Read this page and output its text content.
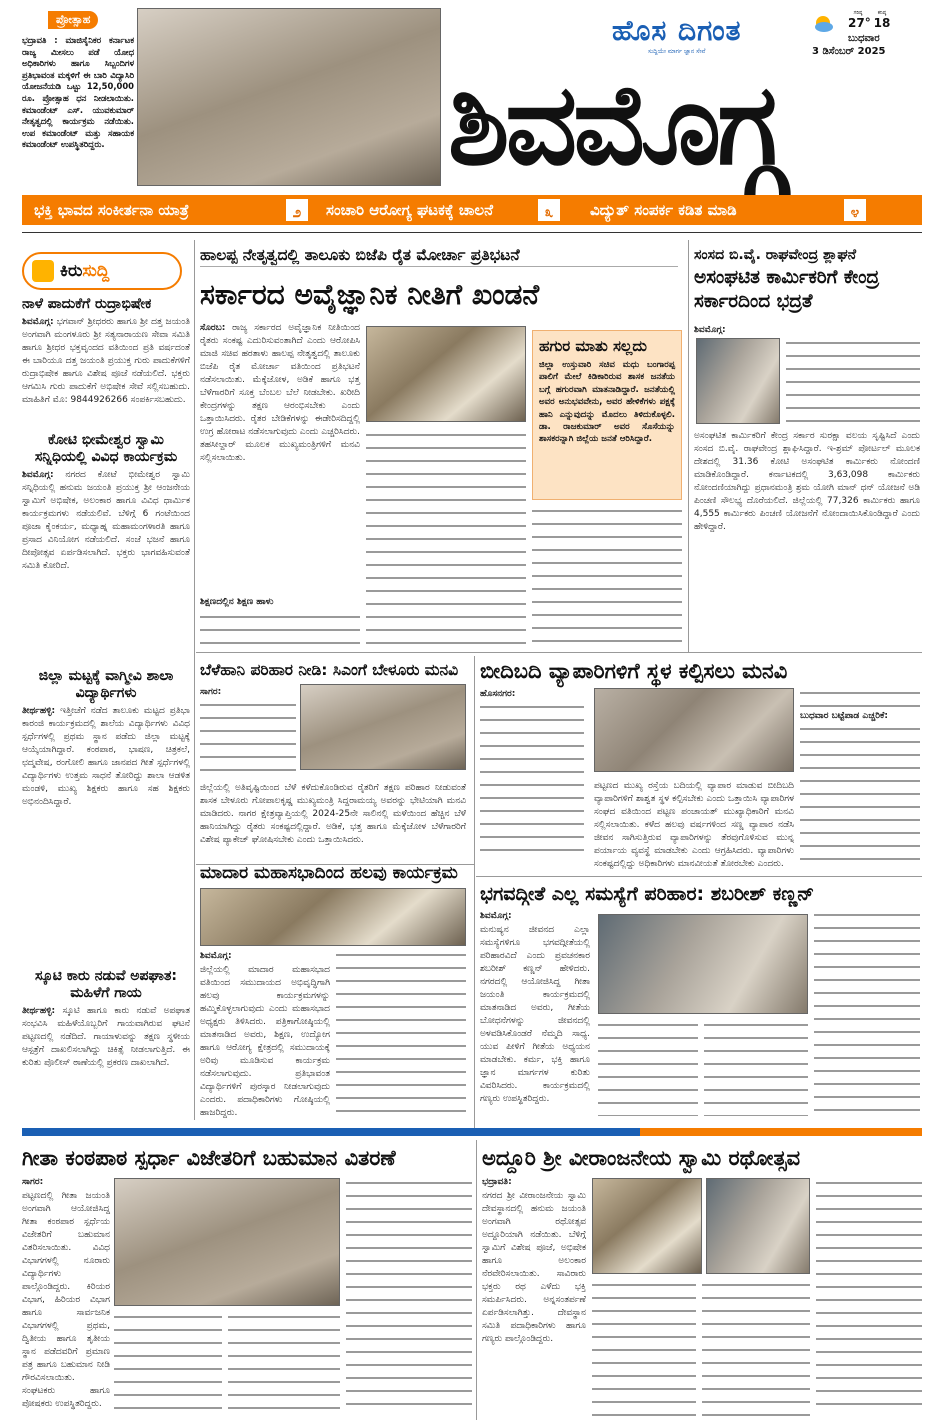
ಪ್ರೋತ್ಸಾಹ
ಭದ್ರಾವತಿ : ಮಾಜಿಸೈನಿಕರ ಕರ್ನಾಟಕ ರಾಜ್ಯ ಮೀಸಲು ಪಡೆ ಯೋಧ ಅಧಿಕಾರಿಗಳು ಹಾಗೂ ಸಿಬ್ಬಂದಿಗಳ ಪ್ರತಿಭಾವಂತ ಮಕ್ಕಳಿಗೆ ಈ ಬಾರಿ ವಿದ್ಯಾಸಿರಿ ಯೋಜನೆಯಡಿ ಒಟ್ಟು 12,50,000 ರೂ. ಪ್ರೋತ್ಸಾಹ ಧನ ನೀಡಲಾಯಿತು. ಕಮಾಂಡೆಂಟ್ ಎಸ್. ಯುವಕುಮಾರ್ ನೇತೃತ್ವದಲ್ಲಿ ಕಾರ್ಯಕ್ರಮ ನಡೆಯಿತು. ಉಪ ಕಮಾಂಡೆಂಟ್ ಮತ್ತು ಸಹಾಯಕ ಕಮಾಂಡೆಂಟ್ ಉಪಸ್ಥಿತರಿದ್ದರು.
ಹೊಸ ದಿಗಂತ
ಸುದ್ದಿಯೇ ಮಾರ್ಗ ಜ್ಞಾನ ಸೇವೆ
ಗರಿಷ್ಠ
27°
ಕನಿಷ್ಠ
18
ಬುಧವಾರ
3 ಡಿಸೆಂಬರ್ 2025
ಶಿವಮೊಗ್ಗ
ಭಕ್ತಿ ಭಾವದ ಸಂಕೀರ್ತನಾ ಯಾತ್ರೆ	೨	ಸಂಚಾರಿ ಆರೋಗ್ಯ ಘಟಕಕ್ಕೆ ಚಾಲನೆ	೩	ವಿದ್ಯುತ್ ಸಂಪರ್ಕ ಕಡಿತ ಮಾಡಿ	೪
ಕಿರು ಸುದ್ದಿ
ನಾಳೆ ಪಾದುಕೆಗೆ ರುದ್ರಾಭಿಷೇಕ
ಶಿವಮೊಗ್ಗ: ಭಗವಾನ್ ಶ್ರೀಧರರು ಹಾಗೂ ಶ್ರೀ ದತ್ತ ಜಯಂತಿ ಅಂಗವಾಗಿ ಮಂಗಳೂರು ಶ್ರೀ ಸತ್ಯನಾರಾಯಣ ಸೇವಾ ಸಮಿತಿ ಹಾಗೂ ಶ್ರೀಧರ ಭಕ್ತವೃಂದದ ವತಿಯಿಂದ ಪ್ರತಿ ವರ್ಷದಂತೆ ಈ ಬಾರಿಯೂ ದತ್ತ ಜಯಂತಿ ಪ್ರಯುಕ್ತ ಗುರು ಪಾದುಕೆಗಳಿಗೆ ರುದ್ರಾಭಿಷೇಕ ಹಾಗೂ ವಿಶೇಷ ಪೂಜೆ ನಡೆಯಲಿದೆ. ಭಕ್ತರು ಆಗಮಿಸಿ ಗುರು ಪಾದುಕೆಗೆ ಅಭಿಷೇಕ ಸೇವೆ ಸಲ್ಲಿಸಬಹುದು. ಮಾಹಿತಿಗೆ ಮೊ: 9844926266 ಸಂಪರ್ಕಿಸಬಹುದು.
ಕೋಟಿ ಭೀಮೇಶ್ವರ ಸ್ವಾಮಿ ಸನ್ನಿಧಿಯಲ್ಲಿ ವಿವಿಧ ಕಾರ್ಯಕ್ರಮ
ಶಿವಮೊಗ್ಗ: ನಗರದ ಕೋಟೆ ಭೀಮೇಶ್ವರ ಸ್ವಾಮಿ ಸನ್ನಿಧಿಯಲ್ಲಿ ಹನುಮ ಜಯಂತಿ ಪ್ರಯುಕ್ತ ಶ್ರೀ ಆಂಜನೇಯ ಸ್ವಾಮಿಗೆ ಅಭಿಷೇಕ, ಅಲಂಕಾರ ಹಾಗೂ ವಿವಿಧ ಧಾರ್ಮಿಕ ಕಾರ್ಯಕ್ರಮಗಳು ನಡೆಯಲಿವೆ. ಬೆಳಿಗ್ಗೆ 6 ಗಂಟೆಯಿಂದ ಪೂಜಾ ಕೈಂಕರ್ಯ, ಮಧ್ಯಾಹ್ನ ಮಹಾಮಂಗಳಾರತಿ ಹಾಗೂ ಪ್ರಸಾದ ವಿನಿಯೋಗ ನಡೆಯಲಿದೆ. ಸಂಜೆ ಭಜನೆ ಹಾಗೂ ದೀಪೋತ್ಸವ ಏರ್ಪಡಿಸಲಾಗಿದೆ. ಭಕ್ತರು ಭಾಗವಹಿಸುವಂತೆ ಸಮಿತಿ ಕೋರಿದೆ.
ಜಿಲ್ಲಾ ಮಟ್ಟಕ್ಕೆ ವಾಗ್ಮೀವಿ ಶಾಲಾ ವಿದ್ಯಾರ್ಥಿಗಳು
ತೀರ್ಥಹಳ್ಳಿ: ಇತ್ತೀಚೆಗೆ ನಡೆದ ತಾಲೂಕು ಮಟ್ಟದ ಪ್ರತಿಭಾ ಕಾರಂಜಿ ಕಾರ್ಯಕ್ರಮದಲ್ಲಿ ಶಾಲೆಯ ವಿದ್ಯಾರ್ಥಿಗಳು ವಿವಿಧ ಸ್ಪರ್ಧೆಗಳಲ್ಲಿ ಪ್ರಥಮ ಸ್ಥಾನ ಪಡೆದು ಜಿಲ್ಲಾ ಮಟ್ಟಕ್ಕೆ ಆಯ್ಕೆಯಾಗಿದ್ದಾರೆ. ಕಂಠಪಾಠ, ಭಾಷಣ, ಚಿತ್ರಕಲೆ, ಛದ್ಮವೇಷ, ರಂಗೋಲಿ ಹಾಗೂ ಜಾನಪದ ಗೀತೆ ಸ್ಪರ್ಧೆಗಳಲ್ಲಿ ವಿದ್ಯಾರ್ಥಿಗಳು ಉತ್ತಮ ಸಾಧನೆ ತೋರಿದ್ದು ಶಾಲಾ ಆಡಳಿತ ಮಂಡಳಿ, ಮುಖ್ಯ ಶಿಕ್ಷಕರು ಹಾಗೂ ಸಹ ಶಿಕ್ಷಕರು ಅಭಿನಂದಿಸಿದ್ದಾರೆ.
ಸ್ಕೂಟಿ ಕಾರು ನಡುವೆ ಅಪಘಾತ: ಮಹಿಳೆಗೆ ಗಾಯ
ತೀರ್ಥಹಳ್ಳಿ: ಸ್ಕೂಟಿ ಹಾಗೂ ಕಾರು ನಡುವೆ ಅಪಘಾತ ಸಂಭವಿಸಿ ಮಹಿಳೆಯೊಬ್ಬರಿಗೆ ಗಾಯವಾಗಿರುವ ಘಟನೆ ಪಟ್ಟಣದಲ್ಲಿ ನಡೆದಿದೆ. ಗಾಯಾಳುವನ್ನು ತಕ್ಷಣ ಸ್ಥಳೀಯ ಆಸ್ಪತ್ರೆಗೆ ದಾಖಲಿಸಲಾಗಿದ್ದು ಚಿಕಿತ್ಸೆ ನೀಡಲಾಗುತ್ತಿದೆ. ಈ ಕುರಿತು ಪೊಲೀಸ್ ಠಾಣೆಯಲ್ಲಿ ಪ್ರಕರಣ ದಾಖಲಾಗಿದೆ.
ಹಾಲಪ್ಪ ನೇತೃತ್ವದಲ್ಲಿ ತಾಲೂಕು ಬಿಜೆಪಿ ರೈತ ಮೋರ್ಚಾ ಪ್ರತಿಭಟನೆ
ಸರ್ಕಾರದ ಅವೈಜ್ಞಾನಿಕ ನೀತಿಗೆ ಖಂಡನೆ
ಸೊರಬ: ರಾಜ್ಯ ಸರ್ಕಾರದ ಅವೈಜ್ಞಾನಿಕ ನೀತಿಯಿಂದ ರೈತರು ಸಂಕಷ್ಟ ಎದುರಿಸುವಂತಾಗಿದೆ ಎಂದು ಆರೋಪಿಸಿ ಮಾಜಿ ಸಚಿವ ಹರತಾಳು ಹಾಲಪ್ಪ ನೇತೃತ್ವದಲ್ಲಿ ತಾಲೂಕು ಬಿಜೆಪಿ ರೈತ ಮೋರ್ಚಾ ವತಿಯಿಂದ ಪ್ರತಿಭಟನೆ ನಡೆಸಲಾಯಿತು. ಮೆಕ್ಕೆಜೋಳ, ಅಡಿಕೆ ಹಾಗೂ ಭತ್ತ ಬೆಳೆಗಾರರಿಗೆ ಸೂಕ್ತ ಬೆಂಬಲ ಬೆಲೆ ನೀಡಬೇಕು. ಖರೀದಿ ಕೇಂದ್ರಗಳನ್ನು ತಕ್ಷಣ ಆರಂಭಿಸಬೇಕು ಎಂದು ಒತ್ತಾಯಿಸಿದರು. ರೈತರ ಬೇಡಿಕೆಗಳನ್ನು ಈಡೇರಿಸದಿದ್ದಲ್ಲಿ ಉಗ್ರ ಹೋರಾಟ ನಡೆಸಲಾಗುವುದು ಎಂದು ಎಚ್ಚರಿಸಿದರು. ತಹಸೀಲ್ದಾರ್ ಮೂಲಕ ಮುಖ್ಯಮಂತ್ರಿಗಳಿಗೆ ಮನವಿ ಸಲ್ಲಿಸಲಾಯಿತು.
ಶಿಕ್ಷಣದಲ್ಲಿನ ಶಿಕ್ಷಣ ಹಾಳು
ಹಗುರ ಮಾತು ಸಲ್ಲದು
ಜಿಲ್ಲಾ ಉಸ್ತುವಾರಿ ಸಚಿವ ಮಧು ಬಂಗಾರಪ್ಪ ಪಾಲಿಗೆ ಮೇಲೆ ಕಿಡಿಕಾರಿರುವ ಶಾಸಕ ಜನತೆಯ ಬಗ್ಗೆ ಹಗುರವಾಗಿ ಮಾತನಾಡಿದ್ದಾರೆ. ಜನತೆಯಲ್ಲಿ ಅವರ ಅನುಭವವೇನು, ಅವರ ಹೇಳಿಕೆಗಳು ಪಕ್ಷಕ್ಕೆ ಹಾನಿ ಎನ್ನುವುದನ್ನು ಮೊದಲು ತಿಳಿದುಕೊಳ್ಳಲಿ. ಡಾ. ರಾಜಕುಮಾರ್ ಅವರ ಸೊಸೆಯನ್ನು ಶಾಸಕರನ್ನಾಗಿ ಜಿಲ್ಲೆಯ ಜನತೆ ಆರಿಸಿದ್ದಾರೆ.
ಸಂಸದ ಬಿ.ವೈ. ರಾಘವೇಂದ್ರ ಶ್ಲಾಘನೆ
ಅಸಂಘಟಿತ ಕಾರ್ಮಿಕರಿಗೆ ಕೇಂದ್ರ ಸರ್ಕಾರದಿಂದ ಭದ್ರತೆ
ಶಿವಮೊಗ್ಗ:
ಅಸಂಘಟಿತ ಕಾರ್ಮಿಕರಿಗೆ ಕೇಂದ್ರ ಸರ್ಕಾರ ಸುರಕ್ಷಾ ವಲಯ ಸೃಷ್ಟಿಸಿದೆ ಎಂದು ಸಂಸದ ಬಿ.ವೈ. ರಾಘವೇಂದ್ರ ಶ್ಲಾಘಿಸಿದ್ದಾರೆ. ಇ-ಶ್ರಮ್ ಪೋರ್ಟಲ್ ಮೂಲಕ ದೇಶದಲ್ಲಿ 31.36 ಕೋಟಿ ಅಸಂಘಟಿತ ಕಾರ್ಮಿಕರು ನೋಂದಣಿ ಮಾಡಿಕೊಂಡಿದ್ದಾರೆ. ಕರ್ನಾಟಕದಲ್ಲಿ 3,63,098 ಕಾರ್ಮಿಕರು ನೋಂದಣಿಯಾಗಿದ್ದು ಪ್ರಧಾನಮಂತ್ರಿ ಶ್ರಮ ಯೋಗಿ ಮಾನ್ ಧನ್ ಯೋಜನೆ ಅಡಿ ಪಿಂಚಣಿ ಸೌಲಭ್ಯ ದೊರೆಯಲಿದೆ. ಜಿಲ್ಲೆಯಲ್ಲಿ 77,326 ಕಾರ್ಮಿಕರು ಹಾಗೂ 4,555 ಕಾರ್ಮಿಕರು ಪಿಂಚಣಿ ಯೋಜನೆಗೆ ನೋಂದಾಯಿಸಿಕೊಂಡಿದ್ದಾರೆ ಎಂದು ಹೇಳಿದ್ದಾರೆ.
ಬೆಳೆಹಾನಿ ಪರಿಹಾರ ನೀಡಿ: ಸಿಎಂಗೆ ಬೇಳೂರು ಮನವಿ
ಸಾಗರ:
ಜಿಲ್ಲೆಯಲ್ಲಿ ಅತಿವೃಷ್ಟಿಯಿಂದ ಬೆಳೆ ಕಳೆದುಕೊಂಡಿರುವ ರೈತರಿಗೆ ತಕ್ಷಣ ಪರಿಹಾರ ನೀಡುವಂತೆ ಶಾಸಕ ಬೇಳೂರು ಗೋಪಾಲಕೃಷ್ಣ ಮುಖ್ಯಮಂತ್ರಿ ಸಿದ್ದರಾಮಯ್ಯ ಅವರನ್ನು ಭೇಟಿಯಾಗಿ ಮನವಿ ಮಾಡಿದರು. ನಾಗರ ಕ್ಷೇತ್ರವ್ಯಾಪ್ತಿಯಲ್ಲಿ 2024-25ನೇ ಸಾಲಿನಲ್ಲಿ ಮಳೆಯಿಂದ ಹೆಚ್ಚಿನ ಬೆಳೆ ಹಾನಿಯಾಗಿದ್ದು ರೈತರು ಸಂಕಷ್ಟದಲ್ಲಿದ್ದಾರೆ. ಅಡಿಕೆ, ಭತ್ತ ಹಾಗೂ ಮೆಕ್ಕೆಜೋಳ ಬೆಳೆಗಾರರಿಗೆ ವಿಶೇಷ ಪ್ಯಾಕೇಜ್ ಘೋಷಿಸಬೇಕು ಎಂದು ಒತ್ತಾಯಿಸಿದರು.
ಬೀದಿಬದಿ ವ್ಯಾಪಾರಿಗಳಿಗೆ ಸ್ಥಳ ಕಲ್ಪಿಸಲು ಮನವಿ
ಹೊಸನಗರ:
ಪಟ್ಟಣದ ಮುಖ್ಯ ರಸ್ತೆಯ ಬದಿಯಲ್ಲಿ ವ್ಯಾಪಾರ ಮಾಡುವ ಬೀದಿಬದಿ ವ್ಯಾಪಾರಿಗಳಿಗೆ ಶಾಶ್ವತ ಸ್ಥಳ ಕಲ್ಪಿಸಬೇಕು ಎಂದು ಒತ್ತಾಯಿಸಿ ವ್ಯಾಪಾರಿಗಳ ಸಂಘದ ವತಿಯಿಂದ ಪಟ್ಟಣ ಪಂಚಾಯತ್ ಮುಖ್ಯಾಧಿಕಾರಿಗೆ ಮನವಿ ಸಲ್ಲಿಸಲಾಯಿತು. ಕಳೆದ ಹಲವು ವರ್ಷಗಳಿಂದ ಸಣ್ಣ ವ್ಯಾಪಾರ ನಡೆಸಿ ಜೀವನ ಸಾಗಿಸುತ್ತಿರುವ ವ್ಯಾಪಾರಿಗಳನ್ನು ತೆರವುಗೊಳಿಸುವ ಮುನ್ನ ಪರ್ಯಾಯ ವ್ಯವಸ್ಥೆ ಮಾಡಬೇಕು ಎಂದು ಆಗ್ರಹಿಸಿದರು. ವ್ಯಾಪಾರಿಗಳು ಸಂಕಷ್ಟದಲ್ಲಿದ್ದು ಅಧಿಕಾರಿಗಳು ಮಾನವೀಯತೆ ತೋರಬೇಕು ಎಂದರು.
ಬುಧವಾರ ಬಟ್ಟೆಪಾಡ ಎಚ್ಚರಿಕೆ:
ಮಾದಾರ ಮಹಾಸಭಾದಿಂದ ಹಲವು ಕಾರ್ಯಕ್ರಮ
ಶಿವಮೊಗ್ಗ:
ಜಿಲ್ಲೆಯಲ್ಲಿ ಮಾದಾರ ಮಹಾಸಭಾದ ವತಿಯಿಂದ ಸಮುದಾಯದ ಅಭಿವೃದ್ಧಿಗಾಗಿ ಹಲವು ಕಾರ್ಯಕ್ರಮಗಳನ್ನು ಹಮ್ಮಿಕೊಳ್ಳಲಾಗುವುದು ಎಂದು ಮಹಾಸಭಾದ ಅಧ್ಯಕ್ಷರು ತಿಳಿಸಿದರು. ಪತ್ರಿಕಾಗೋಷ್ಠಿಯಲ್ಲಿ ಮಾತನಾಡಿದ ಅವರು, ಶಿಕ್ಷಣ, ಉದ್ಯೋಗ ಹಾಗೂ ಆರೋಗ್ಯ ಕ್ಷೇತ್ರದಲ್ಲಿ ಸಮುದಾಯಕ್ಕೆ ಅರಿವು ಮೂಡಿಸುವ ಕಾರ್ಯಕ್ರಮ ನಡೆಸಲಾಗುವುದು. ಪ್ರತಿಭಾವಂತ ವಿದ್ಯಾರ್ಥಿಗಳಿಗೆ ಪುರಸ್ಕಾರ ನೀಡಲಾಗುವುದು ಎಂದರು. ಪದಾಧಿಕಾರಿಗಳು ಗೋಷ್ಠಿಯಲ್ಲಿ ಹಾಜರಿದ್ದರು.
ಭಗವದ್ಗೀತೆ ಎಲ್ಲ ಸಮಸ್ಯೆಗೆ ಪರಿಹಾರ: ಶಬರೀಶ್ ಕಣ್ಣನ್
ಶಿವಮೊಗ್ಗ:
ಮನುಷ್ಯನ ಜೀವನದ ಎಲ್ಲಾ ಸಮಸ್ಯೆಗಳಿಗೂ ಭಗವದ್ಗೀತೆಯಲ್ಲಿ ಪರಿಹಾರವಿದೆ ಎಂದು ಪ್ರವಚನಕಾರ ಶಬರೀಶ್ ಕಣ್ಣನ್ ಹೇಳಿದರು. ನಗರದಲ್ಲಿ ಆಯೋಜಿಸಿದ್ದ ಗೀತಾ ಜಯಂತಿ ಕಾರ್ಯಕ್ರಮದಲ್ಲಿ ಮಾತನಾಡಿದ ಅವರು, ಗೀತೆಯ ಬೋಧನೆಗಳನ್ನು ಜೀವನದಲ್ಲಿ ಅಳವಡಿಸಿಕೊಂಡರೆ ನೆಮ್ಮದಿ ಸಾಧ್ಯ. ಯುವ ಪೀಳಿಗೆ ಗೀತೆಯ ಅಧ್ಯಯನ ಮಾಡಬೇಕು. ಕರ್ಮ, ಭಕ್ತಿ ಹಾಗೂ ಜ್ಞಾನ ಮಾರ್ಗಗಳ ಕುರಿತು ವಿವರಿಸಿದರು. ಕಾರ್ಯಕ್ರಮದಲ್ಲಿ ಗಣ್ಯರು ಉಪಸ್ಥಿತರಿದ್ದರು.
ಗೀತಾ ಕಂಠಪಾಠ ಸ್ಪರ್ಧಾ ವಿಜೇತರಿಗೆ ಬಹುಮಾನ ವಿತರಣೆ
ಸಾಗರ:
ಪಟ್ಟಣದಲ್ಲಿ ಗೀತಾ ಜಯಂತಿ ಅಂಗವಾಗಿ ಆಯೋಜಿಸಿದ್ದ ಗೀತಾ ಕಂಠಪಾಠ ಸ್ಪರ್ಧೆಯ ವಿಜೇತರಿಗೆ ಬಹುಮಾನ ವಿತರಿಸಲಾಯಿತು. ವಿವಿಧ ವಿಭಾಗಗಳಲ್ಲಿ ನೂರಾರು ವಿದ್ಯಾರ್ಥಿಗಳು ಪಾಲ್ಗೊಂಡಿದ್ದರು. ಕಿರಿಯರ ವಿಭಾಗ, ಹಿರಿಯರ ವಿಭಾಗ ಹಾಗೂ ಸಾರ್ವಜನಿಕ ವಿಭಾಗಗಳಲ್ಲಿ ಪ್ರಥಮ, ದ್ವಿತೀಯ ಹಾಗೂ ತೃತೀಯ ಸ್ಥಾನ ಪಡೆದವರಿಗೆ ಪ್ರಮಾಣ ಪತ್ರ ಹಾಗೂ ಬಹುಮಾನ ನೀಡಿ ಗೌರವಿಸಲಾಯಿತು. ಸಂಘಟಕರು ಹಾಗೂ ಪೋಷಕರು ಉಪಸ್ಥಿತರಿದ್ದರು.
ಅದ್ದೂರಿ ಶ್ರೀ ವೀರಾಂಜನೇಯ ಸ್ವಾಮಿ ರಥೋತ್ಸವ
ಭದ್ರಾವತಿ:
ನಗರದ ಶ್ರೀ ವೀರಾಂಜನೇಯ ಸ್ವಾಮಿ ದೇವಸ್ಥಾನದಲ್ಲಿ ಹನುಮ ಜಯಂತಿ ಅಂಗವಾಗಿ ರಥೋತ್ಸವ ಅದ್ದೂರಿಯಾಗಿ ನಡೆಯಿತು. ಬೆಳಿಗ್ಗೆ ಸ್ವಾಮಿಗೆ ವಿಶೇಷ ಪೂಜೆ, ಅಭಿಷೇಕ ಹಾಗೂ ಅಲಂಕಾರ ನೆರವೇರಿಸಲಾಯಿತು. ಸಾವಿರಾರು ಭಕ್ತರು ರಥ ಎಳೆದು ಭಕ್ತಿ ಸಮರ್ಪಿಸಿದರು. ಅನ್ನಸಂತರ್ಪಣೆ ಏರ್ಪಡಿಸಲಾಗಿತ್ತು. ದೇವಸ್ಥಾನ ಸಮಿತಿ ಪದಾಧಿಕಾರಿಗಳು ಹಾಗೂ ಗಣ್ಯರು ಪಾಲ್ಗೊಂಡಿದ್ದರು.
